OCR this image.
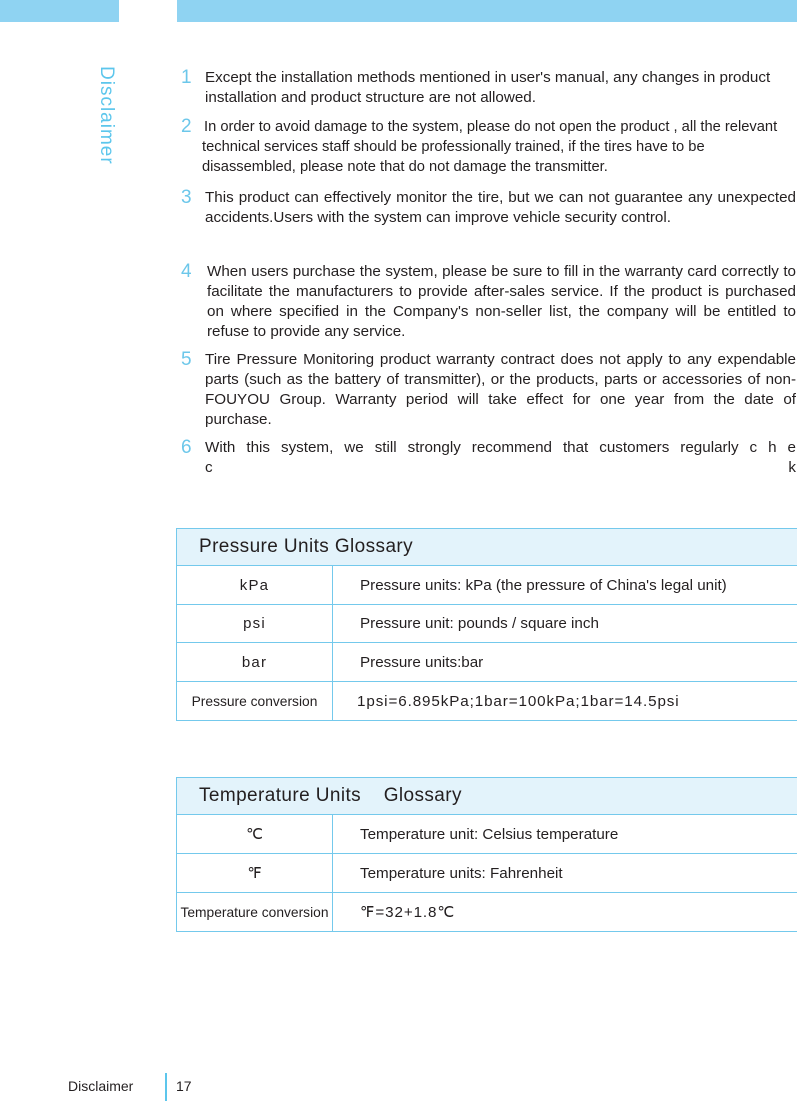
Disclaimer	1 Except the installation methods mentioned in user's manual, any changes in product installation and product structure are not allowed.
2 In order to avoid damage to the system, please do not open the product , all the relevant technical services staff should be professionally trained, if the tires have to be disassembled, please note that do not damage the transmitter.
3 This product can effectively monitor the tire, but we can not guarantee any unexpected accidents.Users with the system can improve vehicle security control.
4	When users purchase the system, please be sure to fill in the warranty card correctly to facilitate the manufacturers to provide after-sales service. If the product is purchased on where specified in the Company's non-seller list, the company will be entitled to refuse to provide any service.
5 Tire Pressure Monitoring product warranty contract does not apply to any expendable parts (such as the battery of transmitter), or the products, parts or accessories of non-FOUYOU Group. Warranty period will take effect for one year from the date of purchase.
6 With this system, we still strongly recommend that customers regularly c h e c k
Pressure Units Glossary
kPa	Pressure units: kPa (the pressure of China's legal unit)
psi	Pressure unit: pounds / square inch
bar	Pressure units:bar
Pressure conversion	1psi=6.895kPa;1bar=100kPa;1bar=14.5psi
Temperature Units    Glossary
℃	Temperature unit: Celsius temperature
℉	Temperature units: Fahrenheit
Temperature conversion ℉=32+1.8℃
Disclaimer	17
